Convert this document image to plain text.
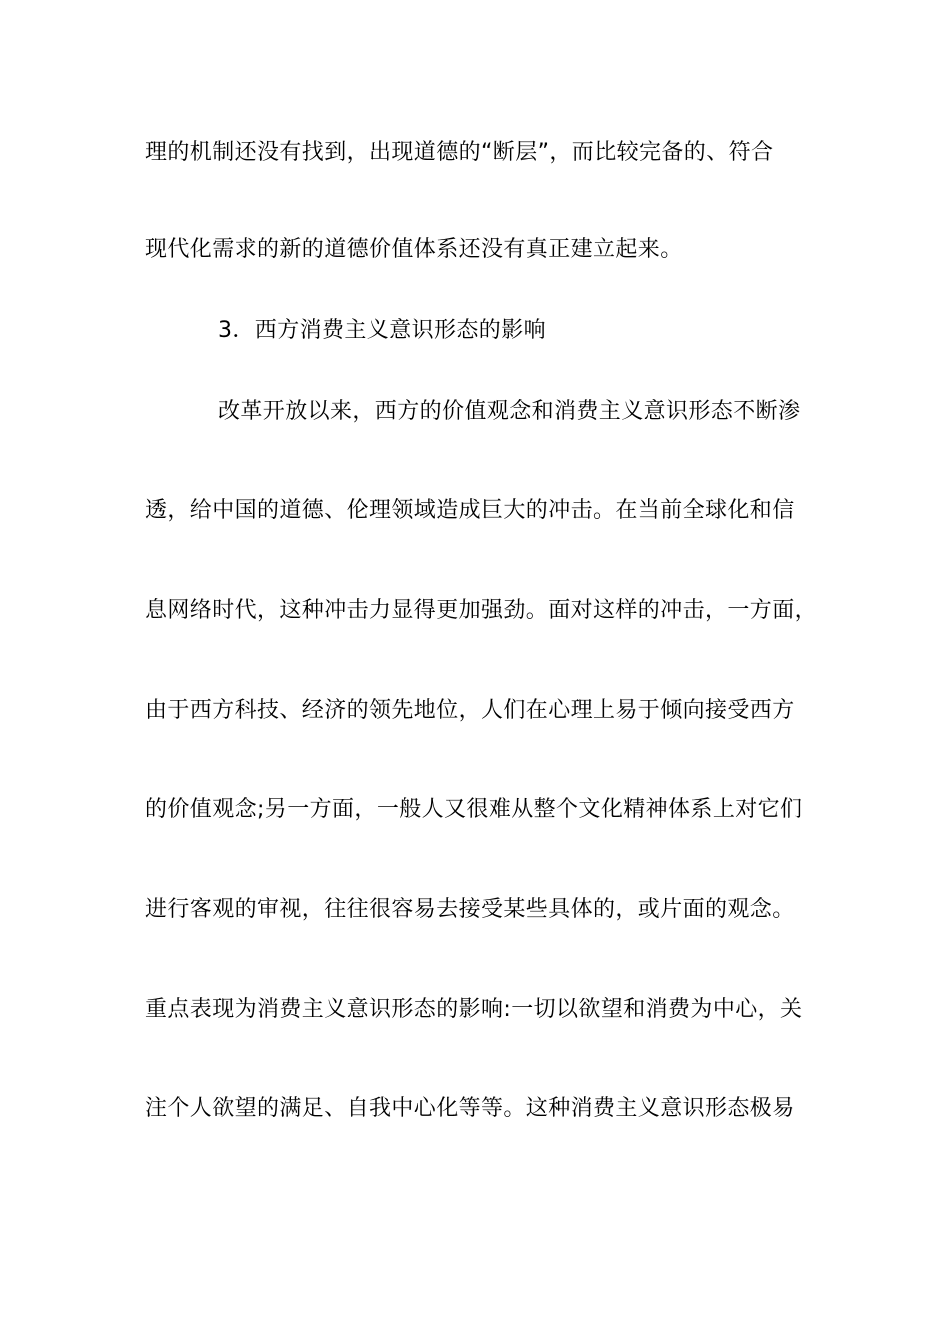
理的机制还没有找到，出现道德的“断层”，而比较完备的、符合
现代化需求的新的道德价值体系还没有真正建立起来。
3．西方消费主义意识形态的影响
改革开放以来，西方的价值观念和消费主义意识形态不断渗
透，给中国的道德、伦理领域造成巨大的冲击。在当前全球化和信
息网络时代，这种冲击力显得更加强劲。面对这样的冲击，一方面，
由于西方科技、经济的领先地位，人们在心理上易于倾向接受西方
的价值观念;另一方面，一般人又很难从整个文化精神体系上对它们
进行客观的审视，往往很容易去接受某些具体的，或片面的观念。
重点表现为消费主义意识形态的影响:一切以欲望和消费为中心，关
注个人欲望的满足、自我中心化等等。这种消费主义意识形态极易
